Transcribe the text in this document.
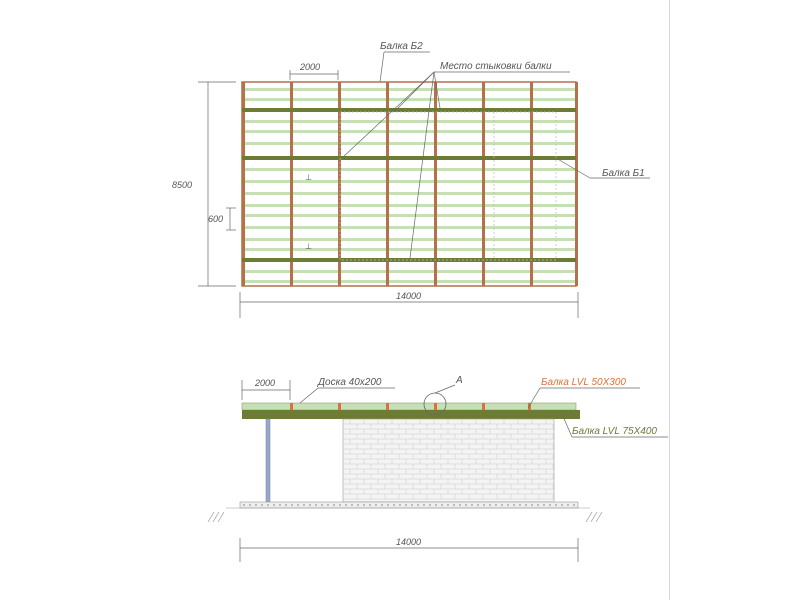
⊥
⊥
2000
8500
600
14000
Балка Б2
Место стыковки балки
Балка Б1
2000
14000
Доска 40х200	А	Балка LVL 50Х300
Балка LVL 75Х400
